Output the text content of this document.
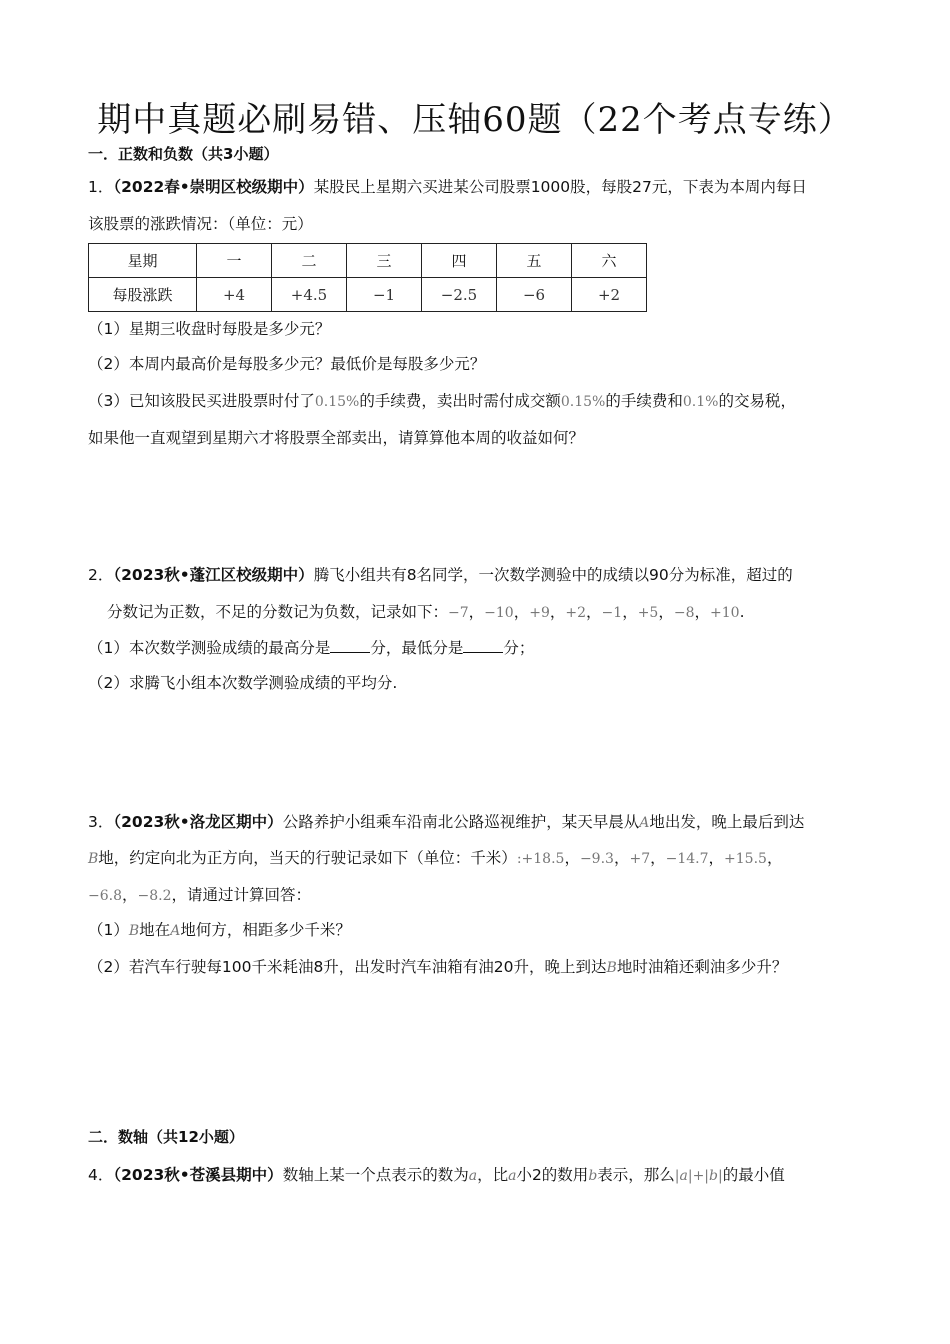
期中真题必刷易错、压轴60题（22个考点专练）
一．正数和负数（共3小题）
1．（2022春•崇明区校级期中）某股民上星期六买进某公司股票1000股，每股27元，下表为本周内每日
该股票的涨跌情况：（单位：元）
星期	一	二	三	四	五	六
每股涨跌	+4	+4.5	−1	−2.5	−6	+2
（1）星期三收盘时每股是多少元？
（2）本周内最高价是每股多少元？最低价是每股多少元？
（3）已知该股民买进股票时付了0.15%的手续费，卖出时需付成交额0.15%的手续费和0.1%的交易税，
如果他一直观望到星期六才将股票全部卖出，请算算他本周的收益如何？
2．（2023秋•蓬江区校级期中）腾飞小组共有8名同学，一次数学测验中的成绩以90分为标准，超过的
分数记为正数，不足的分数记为负数，记录如下：−7，−10，+9，+2，−1，+5，−8，+10.
（1）本次数学测验成绩的最高分是	分，最低分是	分；
（2）求腾飞小组本次数学测验成绩的平均分.
3．（2023秋•洛龙区期中）公路养护小组乘车沿南北公路巡视维护，某天早晨从A地出发，晚上最后到达
B地，约定向北为正方向，当天的行驶记录如下（单位：千米）:+18.5，−9.3，+7，−14.7，+15.5，
−6.8，−8.2，请通过计算回答：
（1）B地在A地何方，相距多少千米？
（2）若汽车行驶每100千米耗油8升，出发时汽车油箱有油20升，晚上到达B地时油箱还剩油多少升？
二．数轴（共12小题）
4．（2023秋•苍溪县期中）数轴上某一个点表示的数为a，比a小2的数用b表示，那么|a|+|b|的最小值
